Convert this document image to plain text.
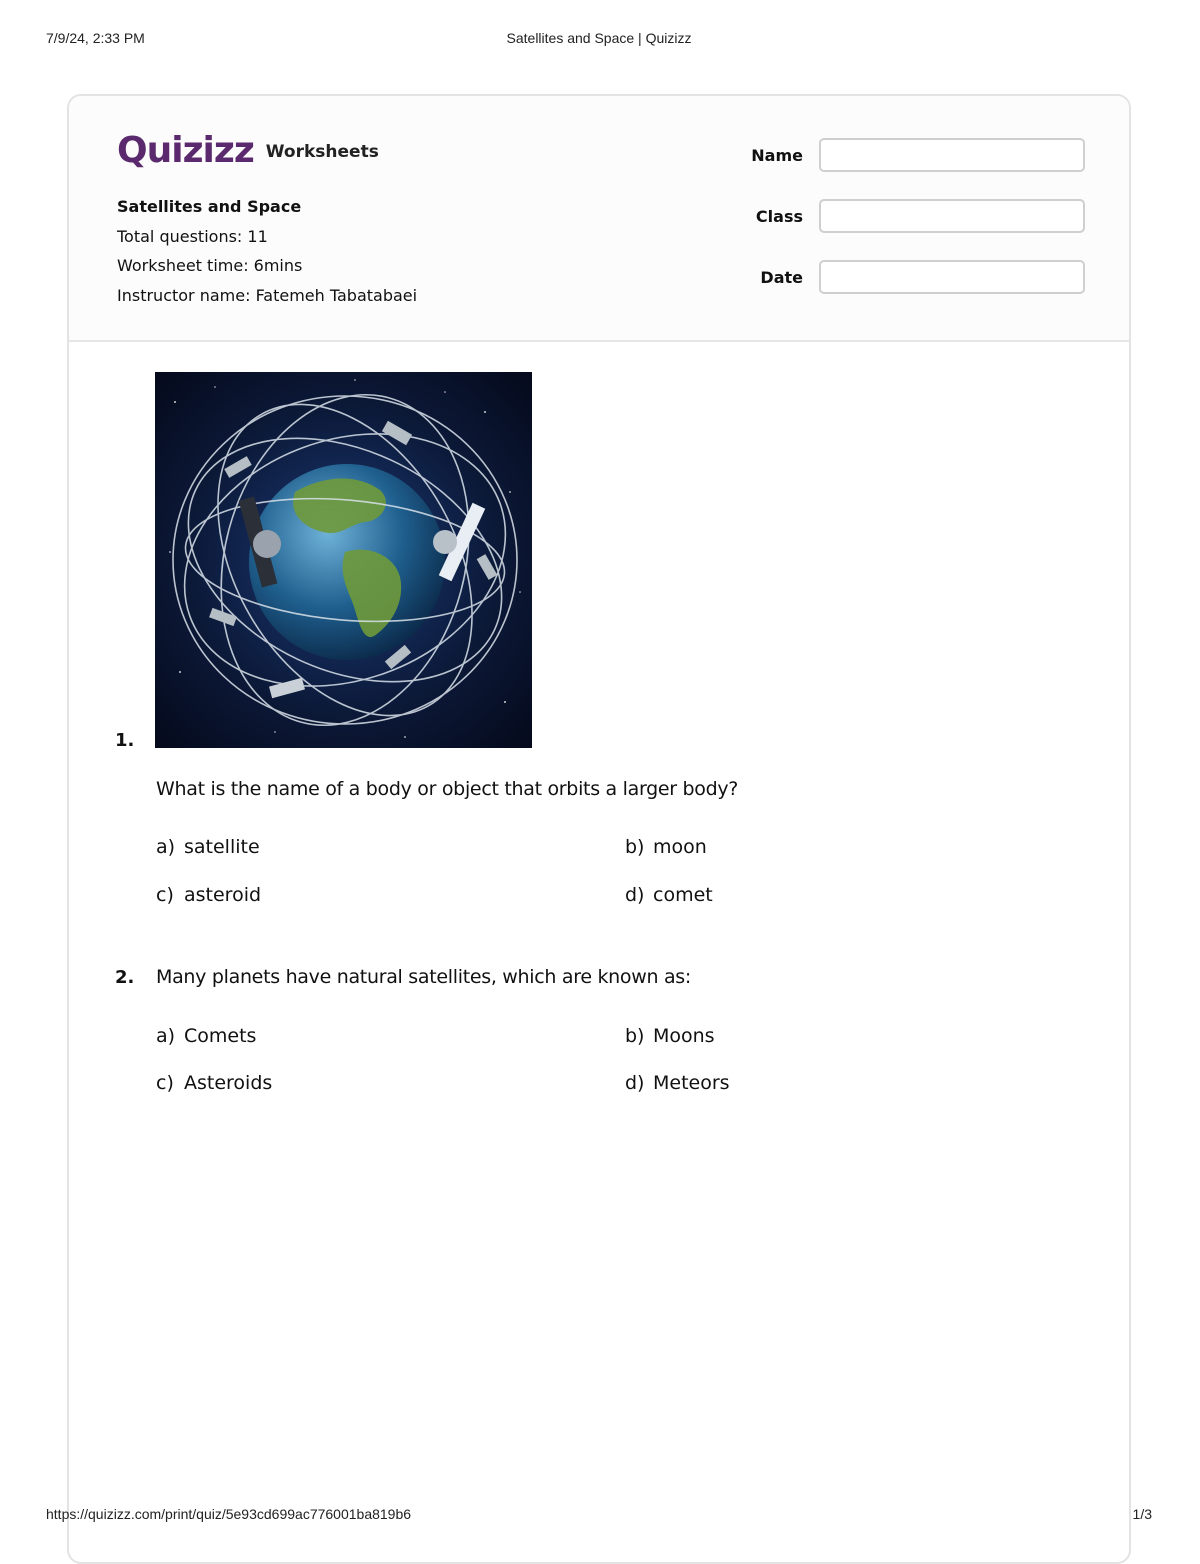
7/9/24, 2:33 PM	Satellites and Space | Quizizz
Quizizz Worksheets
Satellites and Space
Total questions: 11
Worksheet time: 6mins
Instructor name: Fatemeh Tabatabaei
Name
Class
Date
1.
What is the name of a body or object that orbits a larger body?
a) satellite	b) moon
c) asteroid	d) comet
2. Many planets have natural satellites, which are known as:
a) Comets	b) Moons
c) Asteroids	d) Meteors
https://quizizz.com/print/quiz/5e93cd699ac776001ba819b6	1/3
